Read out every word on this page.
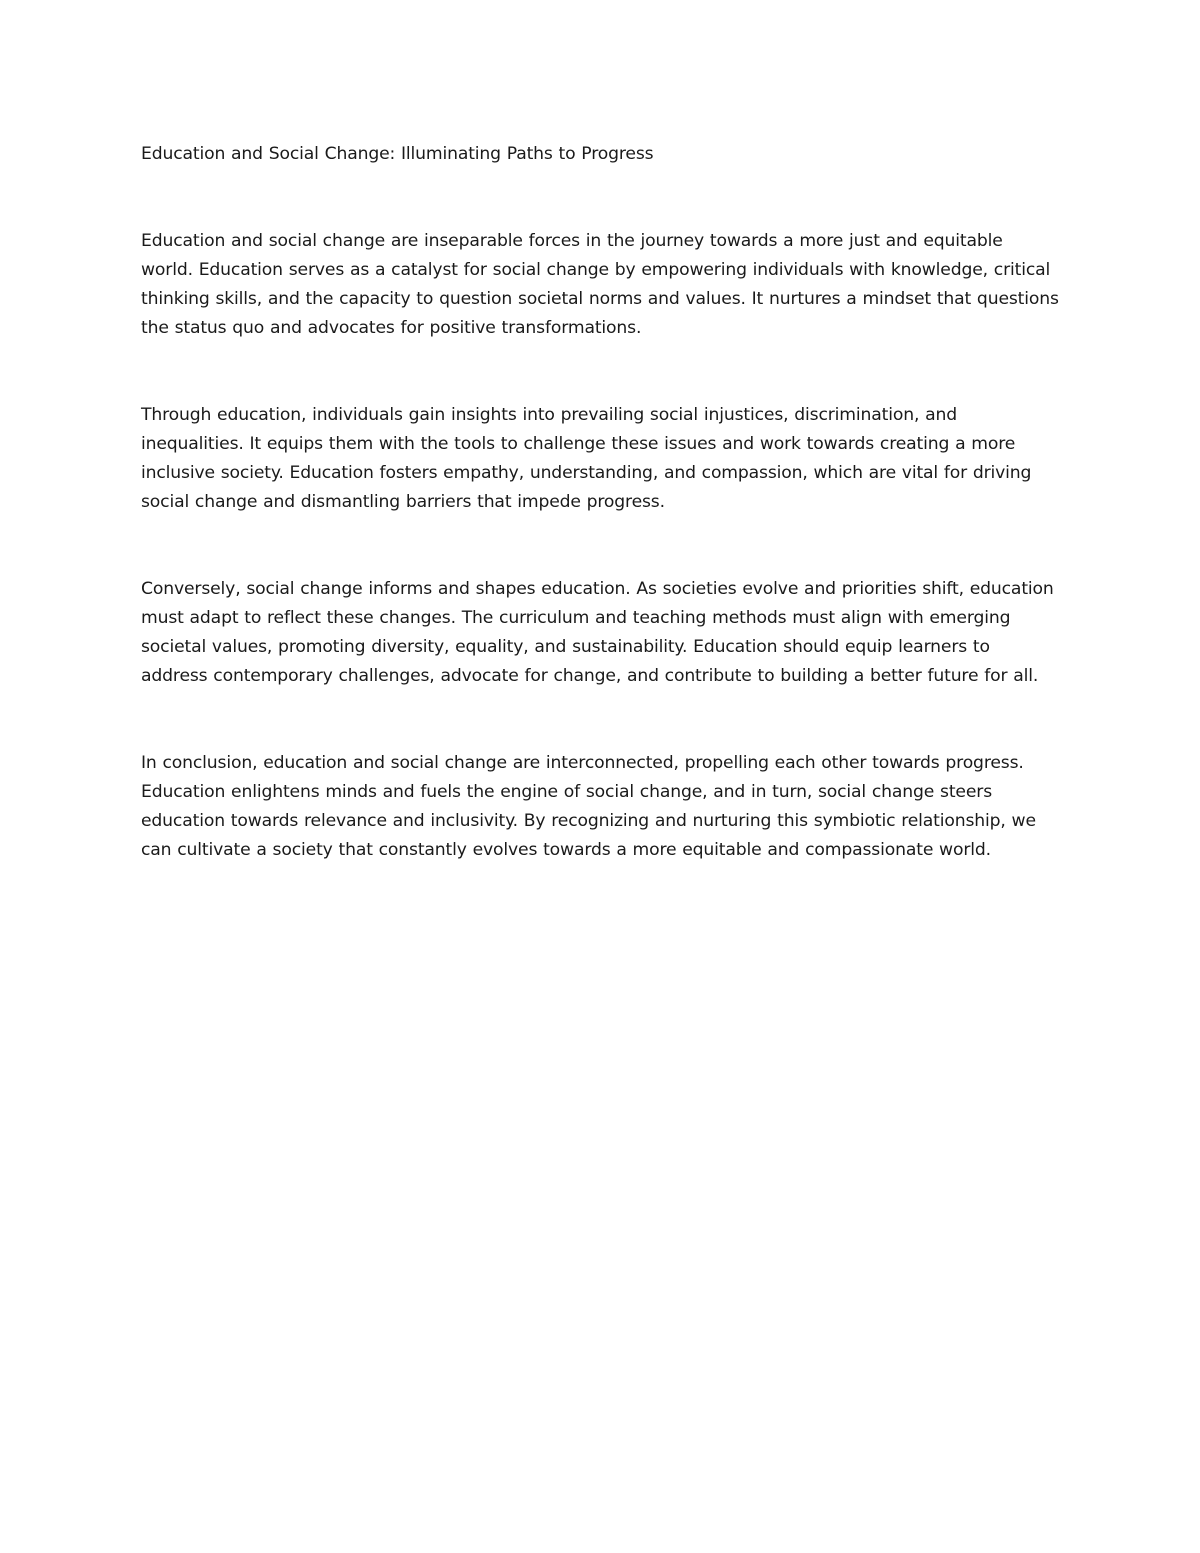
Education and Social Change: Illuminating Paths to Progress

Education and social change are inseparable forces in the journey towards a more just and equitable world. Education serves as a catalyst for social change by empowering individuals with knowledge, critical thinking skills, and the capacity to question societal norms and values. It nurtures a mindset that questions the status quo and advocates for positive transformations.

Through education, individuals gain insights into prevailing social injustices, discrimination, and inequalities. It equips them with the tools to challenge these issues and work towards creating a more inclusive society. Education fosters empathy, understanding, and compassion, which are vital for driving social change and dismantling barriers that impede progress.

Conversely, social change informs and shapes education. As societies evolve and priorities shift, education must adapt to reflect these changes. The curriculum and teaching methods must align with emerging societal values, promoting diversity, equality, and sustainability. Education should equip learners to address contemporary challenges, advocate for change, and contribute to building a better future for all.

In conclusion, education and social change are interconnected, propelling each other towards progress. Education enlightens minds and fuels the engine of social change, and in turn, social change steers education towards relevance and inclusivity. By recognizing and nurturing this symbiotic relationship, we can cultivate a society that constantly evolves towards a more equitable and compassionate world.
